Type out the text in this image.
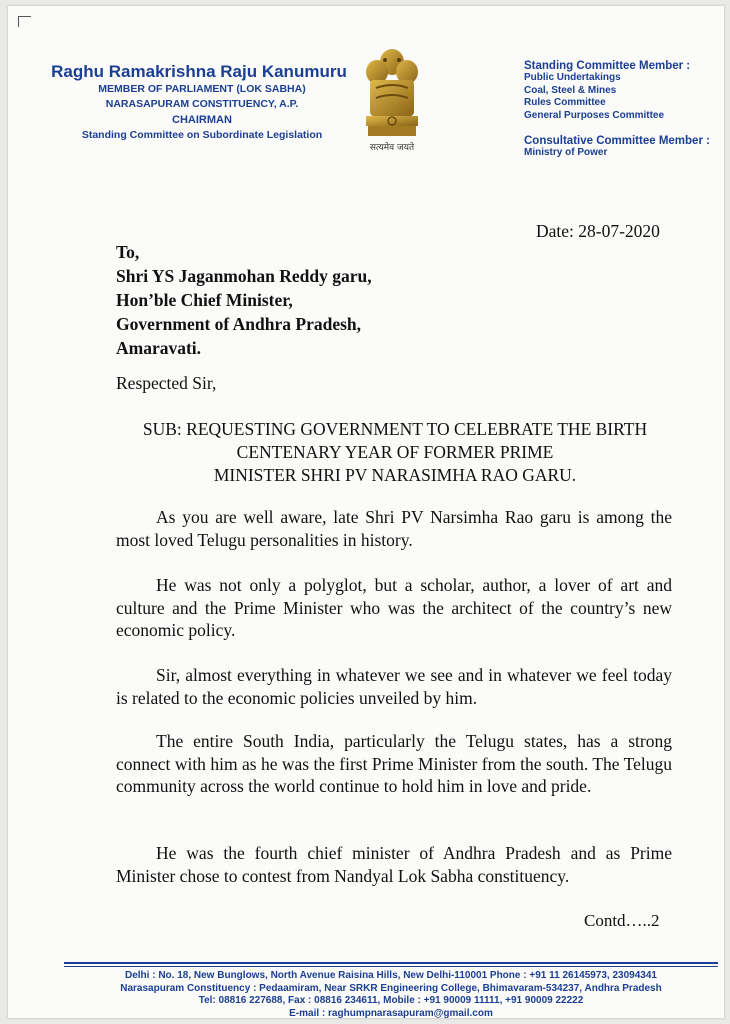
Raghu Ramakrishna Raju Kanumuru
MEMBER OF PARLIAMENT (LOK SABHA)
NARASAPURAM CONSTITUENCY, A.P.
CHAIRMAN
Standing Committee on Subordinate Legislation
सत्यमेव जयते
Standing Committee Member :
Public Undertakings
Coal, Steel & Mines
Rules Committee
General Purposes Committee
Consultative Committee Member :
Ministry of Power
Date: 28-07-2020
To,
Shri YS Jaganmohan Reddy garu,
Hon’ble Chief Minister,
Government of Andhra Pradesh,
Amaravati.
Respected Sir,
SUB: REQUESTING GOVERNMENT TO CELEBRATE THE BIRTH
CENTENARY YEAR OF FORMER PRIME
MINISTER SHRI PV NARASIMHA RAO GARU.
As you are well aware, late Shri PV Narsimha Rao garu is among the most loved Telugu personalities in history.
He was not only a polyglot, but a scholar, author, a lover of art and culture and the Prime Minister who was the architect of the country’s new economic policy.
Sir, almost everything in whatever we see and in whatever we feel today is related to the economic policies unveiled by him.
The entire South India, particularly the Telugu states, has a strong connect with him as he was the first Prime Minister from the south. The Telugu community across the world continue to hold him in love and pride.
He was the fourth chief minister of Andhra Pradesh and as Prime Minister chose to contest from Nandyal Lok Sabha constituency.
Contd…..2
Delhi : No. 18, New Bunglows, North Avenue Raisina Hills, New Delhi-110001 Phone : +91 11 26145973, 23094341
Narasapuram Constituency : Pedaamiram, Near SRKR Engineering College, Bhimavaram-534237, Andhra Pradesh
Tel: 08816 227688, Fax : 08816 234611, Mobile : +91 90009 11111, +91 90009 22222
E-mail : raghumpnarasapuram@gmail.com
